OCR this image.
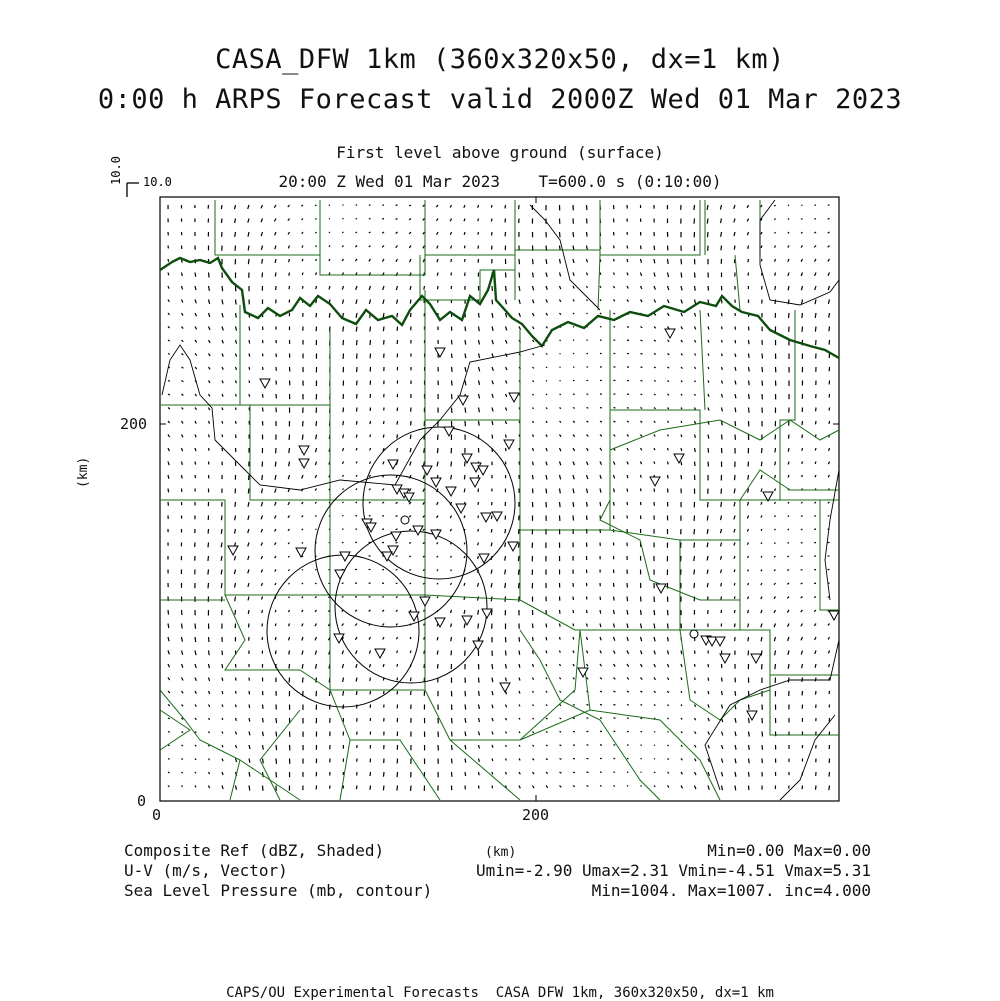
CASA_DFW 1km (360x320x50, dx=1 km)
0:00 h ARPS Forecast valid 2000Z Wed 01 Mar 2023
First level above ground (surface)
20:00 Z Wed 01 Mar 2023    T=600.0 s (0:10:00)
10.0
10.0
0	200
0
200
(km)
(km)
Composite Ref (dBZ, Shaded)	Min=0.00 Max=0.00
U-V (m/s, Vector)	Umin=-2.90 Umax=2.31 Vmin=-4.51 Vmax=5.31
Sea Level Pressure (mb, contour)	Min=1004. Max=1007. inc=4.000
CAPS/OU Experimental Forecasts  CASA DFW 1km, 360x320x50, dx=1 km
